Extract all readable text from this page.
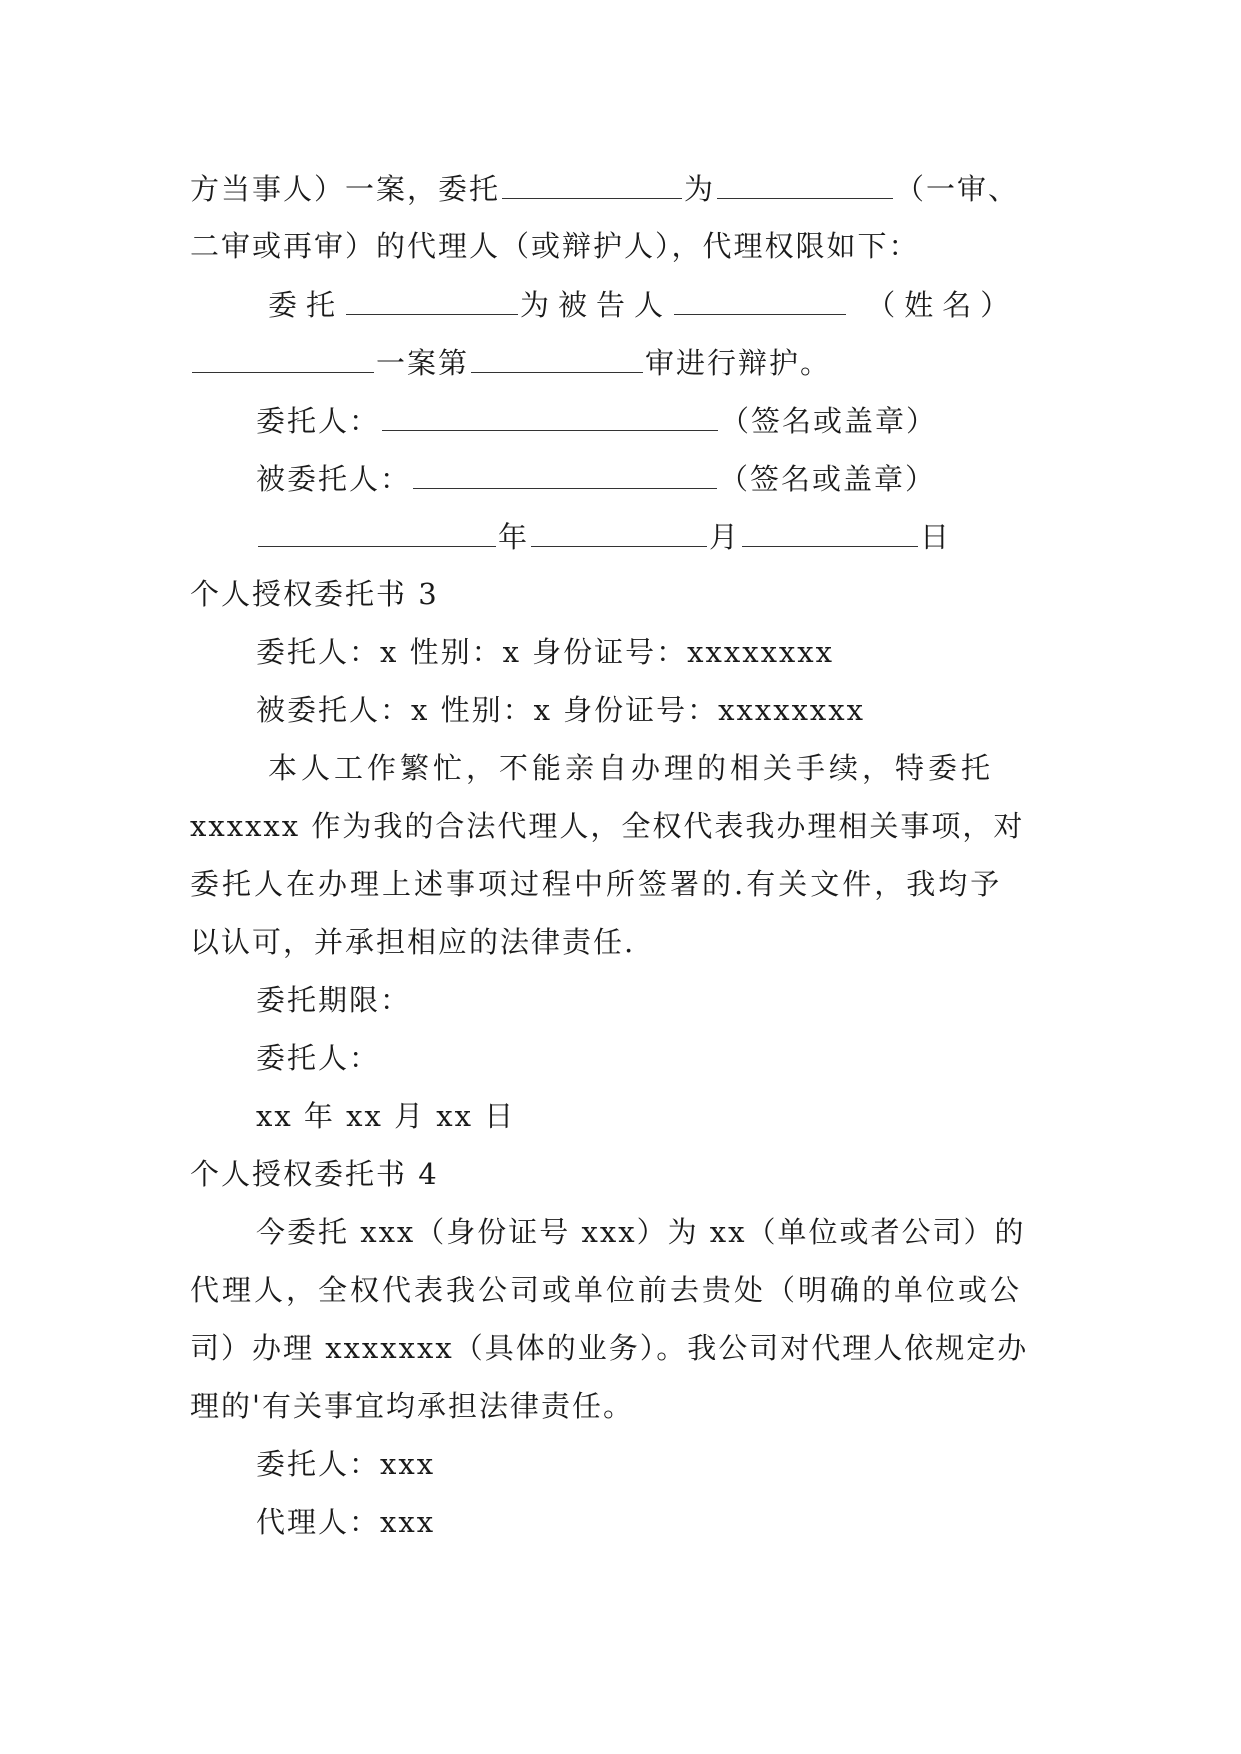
方当事人）一案，委托	为	（一审、
二审或再审）的代理人（或辩护人），代理权限如下：
委托	为被告人	（姓名）
一案第	审进行辩护。
委托人：	（签名或盖章）
被委托人：	（签名或盖章）
年	月	日
个人授权委托书 3
委托人：x 性别：x 身份证号：xxxxxxxx
被委托人：x 性别：x 身份证号：xxxxxxxx
本人工作繁忙，不能亲自办理的相关手续，特委托
xxxxxx 作为我的合法代理人，全权代表我办理相关事项，对
委托人在办理上述事项过程中所签署的.有关文件，我均予
以认可，并承担相应的法律责任.
委托期限：
委托人：
xx 年 xx 月 xx 日
个人授权委托书 4
今委托 xxx（身份证号 xxx）为 xx（单位或者公司）的
代理人，全权代表我公司或单位前去贵处（明确的单位或公
司）办理 xxxxxxx（具体的业务）。我公司对代理人依规定办
理的'有关事宜均承担法律责任。
委托人：xxx
代理人：xxx
